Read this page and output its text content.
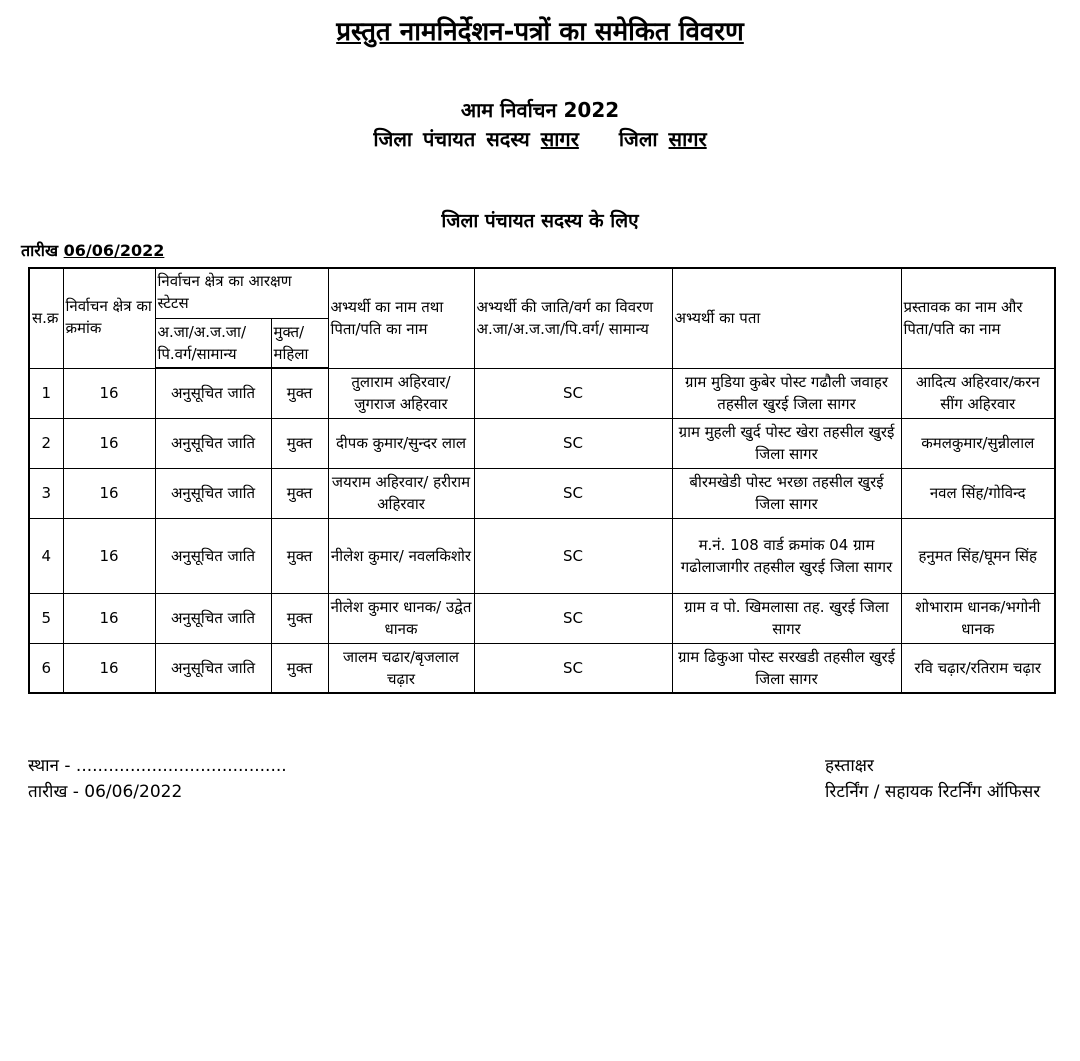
प्रस्तुत नामनिर्देशन-पत्रों का समेकित विवरण
आम निर्वाचन 2022
जिला पंचायत सदस्य सागर जिला सागर
जिला पंचायत सदस्य के लिए
तारीख 06/06/2022
स.क्र	निर्वाचन क्षेत्र का क्रमांक	निर्वाचन क्षेत्र का आरक्षण स्टेटस		अभ्यर्थी का नाम तथा पिता/पति का नाम	अभ्यर्थी की जाति/वर्ग का विवरण अ.जा/अ.ज.जा/पि.वर्ग/ सामान्य	अभ्यर्थी का पता	प्रस्तावक का नाम और पिता/पति का नाम
		अ.जा/अ.ज.जा/ पि.वर्ग/सामान्य	मुक्त/ महिला				
1	16	अनुसूचित जाति	मुक्त	तुलाराम अहिरवार/ जुगराज अहिरवार	SC	ग्राम मुडिया कुबेर पोस्ट गढौली जवाहर तहसील खुरई जिला सागर	आदित्य अहिरवार/करन सींग अहिरवार
2	16	अनुसूचित जाति	मुक्त	दीपक कुमार/सुन्दर लाल	SC	ग्राम मुहली खुर्द पोस्ट खेरा तहसील खुरई जिला सागर	कमलकुमार/सुन्नीलाल
3	16	अनुसूचित जाति	मुक्त	जयराम अहिरवार/ हरीराम अहिरवार	SC	बीरमखेडी पोस्ट भरछा तहसील खुरई जिला सागर	नवल सिंह/गोविन्द
4	16	अनुसूचित जाति	मुक्त	नीलेश कुमार/ नवलकिशोर	SC	म.नं. 108 वार्ड क्रमांक 04 ग्राम गढोलाजागीर तहसील खुरई जिला सागर	हनुमत सिंह/घूमन सिंह
5	16	अनुसूचित जाति	मुक्त	नीलेश कुमार धानक/ उद्वेत धानक	SC	ग्राम व पो. खिमलासा तह. खुरई जिला सागर	शोभाराम धानक/भगोनी धानक
6	16	अनुसूचित जाति	मुक्त	जालम चढार/बृजलाल चढ़ार	SC	ग्राम ढिकुआ पोस्ट सरखडी तहसील खुरई जिला सागर	रवि चढ़ार/रतिराम चढ़ार
स्थान - .......................................
तारीख - 06/06/2022
हस्ताक्षर
रिटर्निंग / सहायक रिटर्निंग ऑफिसर
